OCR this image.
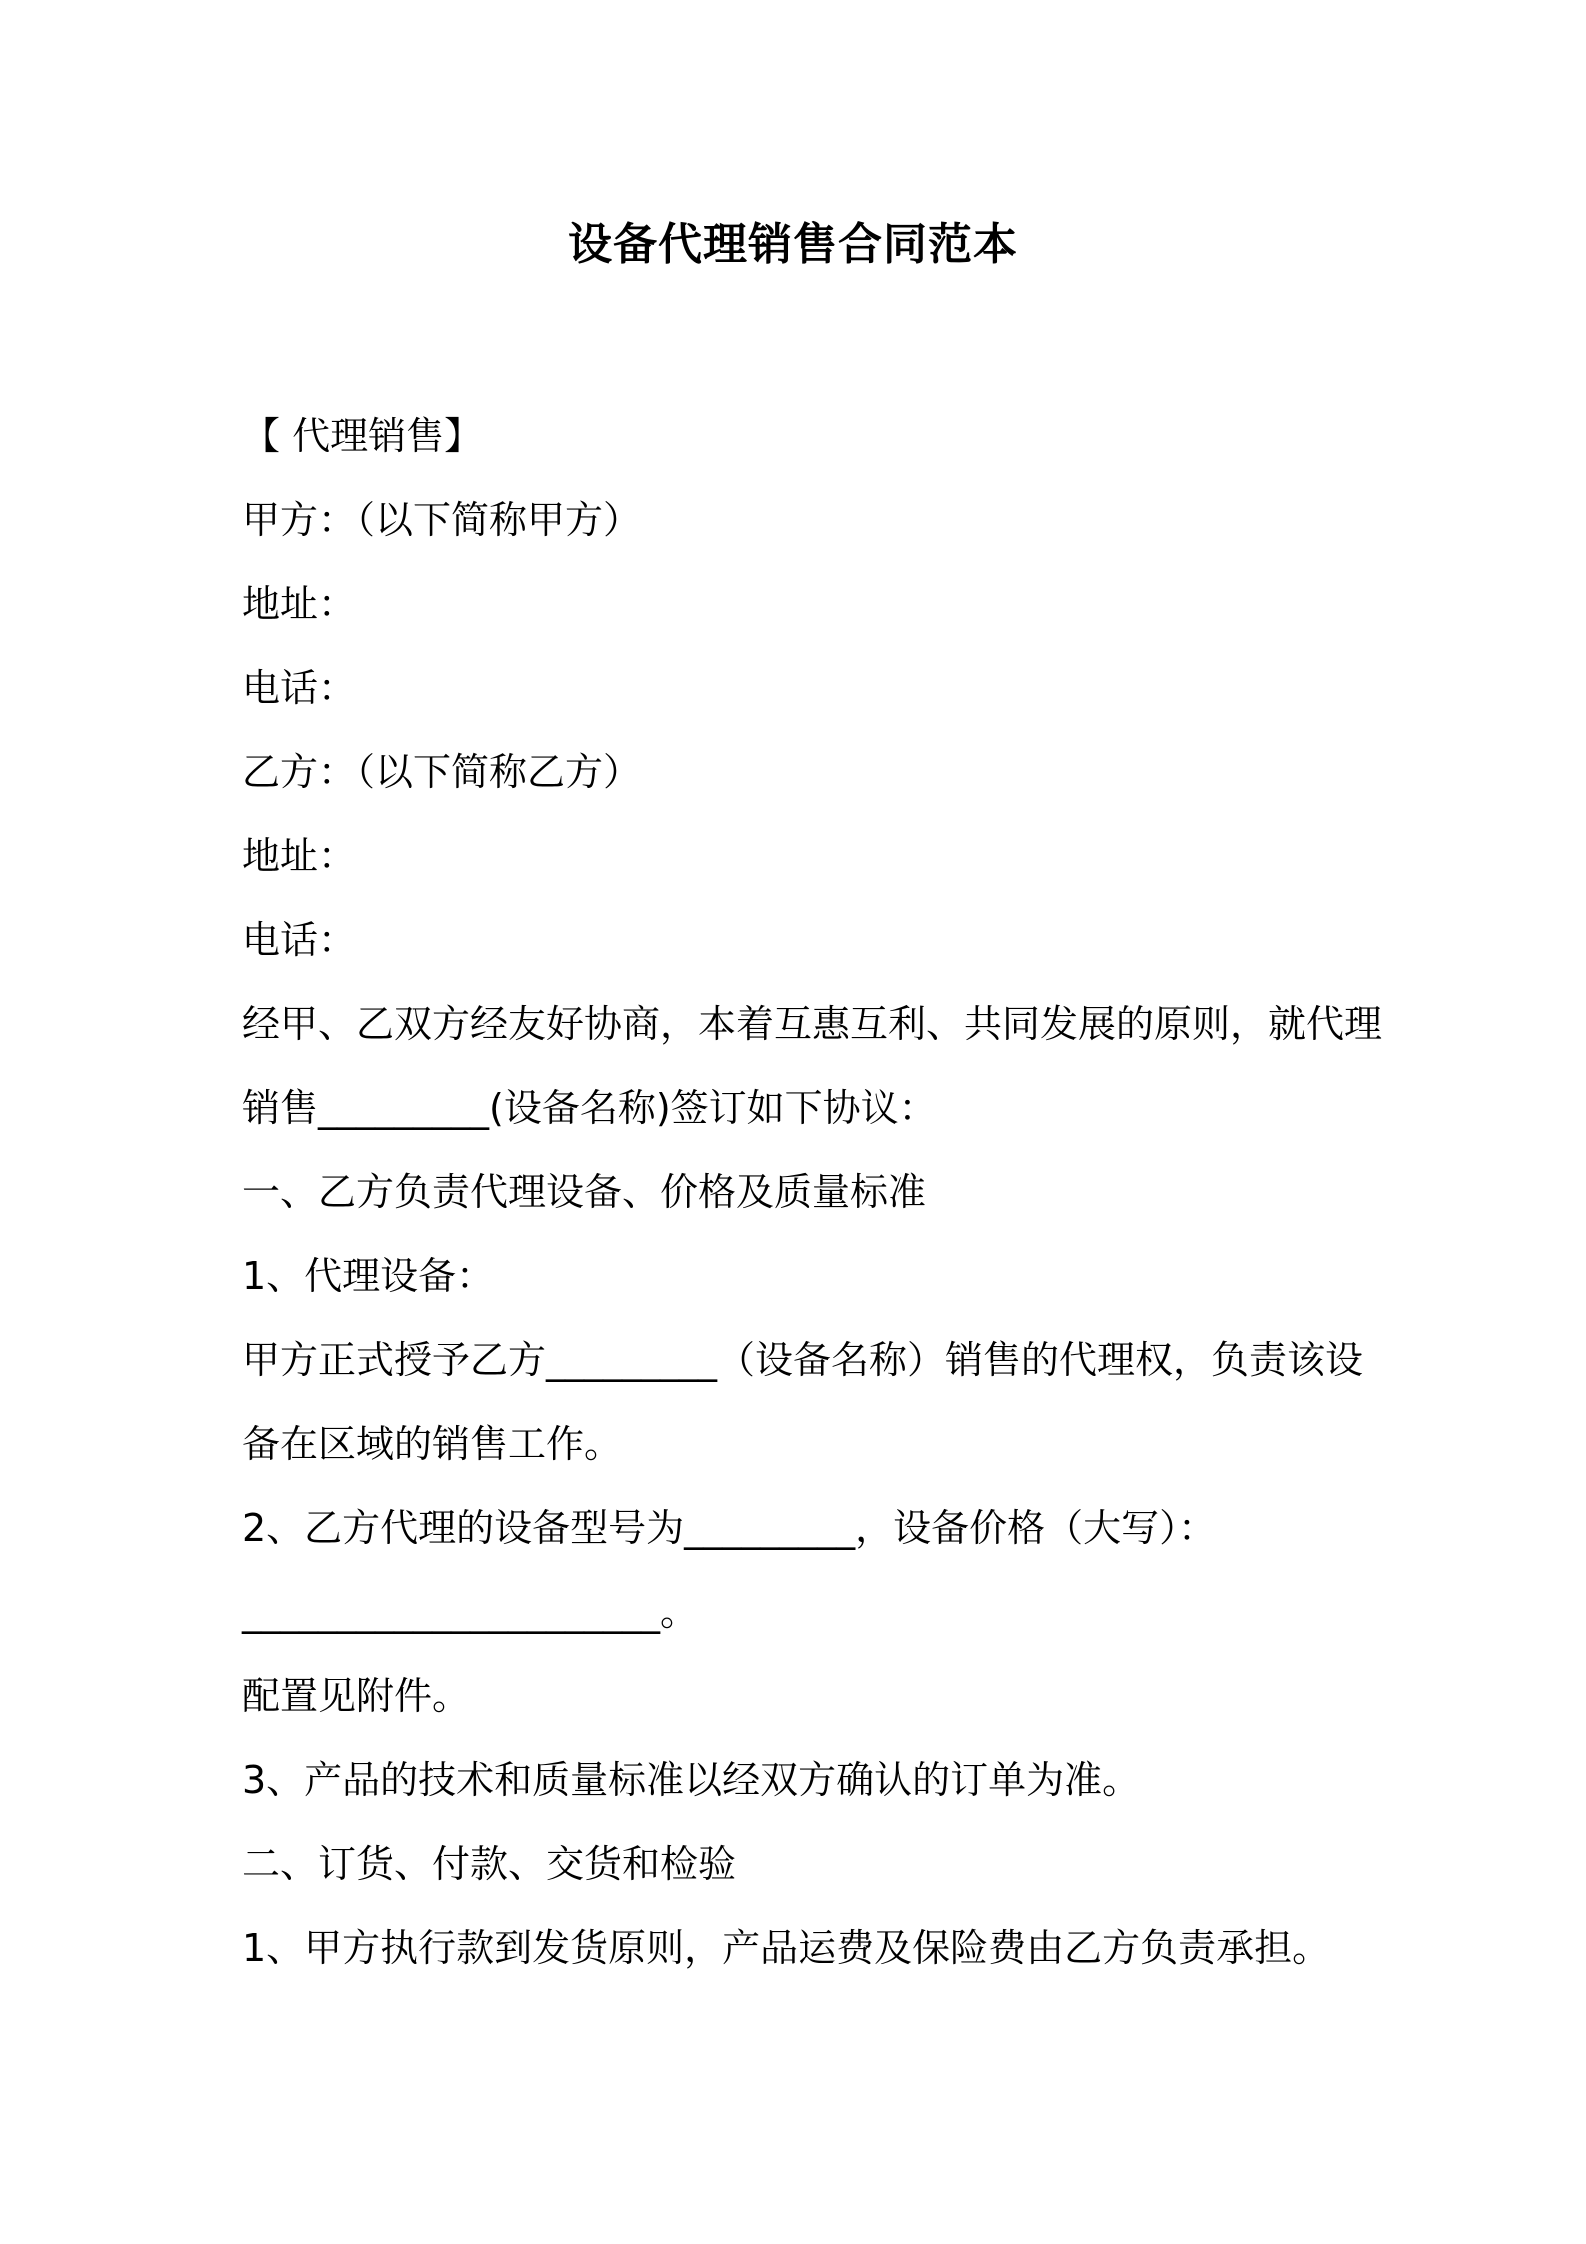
设备代理销售合同范本
【 代理销售】
甲方：（以下简称甲方）
地址：
电话：
乙方：（以下简称乙方）
地址：
电话：
经甲、乙双方经友好协商，本着互惠互利、共同发展的原则，就代理
销售_________(设备名称)签订如下协议：
一、乙方负责代理设备、价格及质量标准
1、代理设备：
甲方正式授予乙方_________（设备名称）销售的代理权，负责该设
备在区域的销售工作。
2、乙方代理的设备型号为_________，设备价格（大写）：
______________________。
配置见附件。
3、产品的技术和质量标准以经双方确认的订单为准。
二、订货、付款、交货和检验
1、甲方执行款到发货原则，产品运费及保险费由乙方负责承担。
